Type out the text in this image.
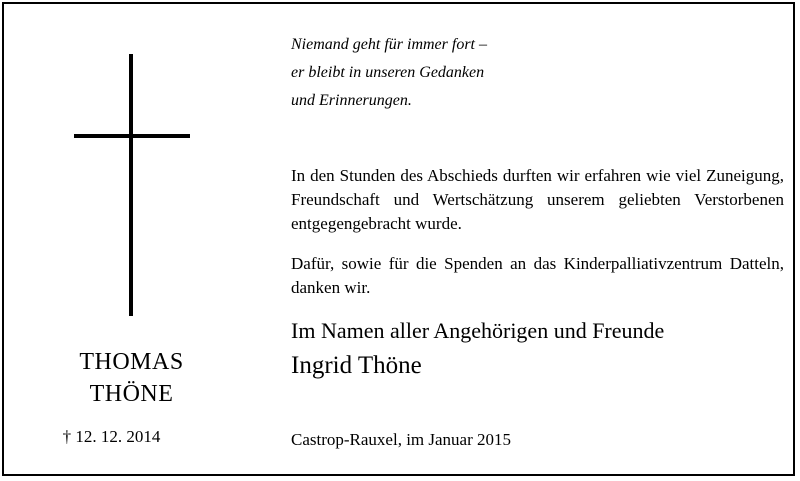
THOMAS
THÖNE
† 12. 12. 2014
Niemand geht für immer fort –
er bleibt in unseren Gedanken
und Erinnerungen.
In den Stunden des Abschieds durften wir erfahren wie viel Zuneigung, Freundschaft und Wertschätzung unserem geliebten Verstorbenen entgegengebracht wurde.
Dafür, sowie für die Spenden an das Kinderpalliativzentrum Datteln, danken wir.
Im Namen aller Angehörigen und Freunde
Ingrid Thöne
Castrop-Rauxel, im Januar 2015
